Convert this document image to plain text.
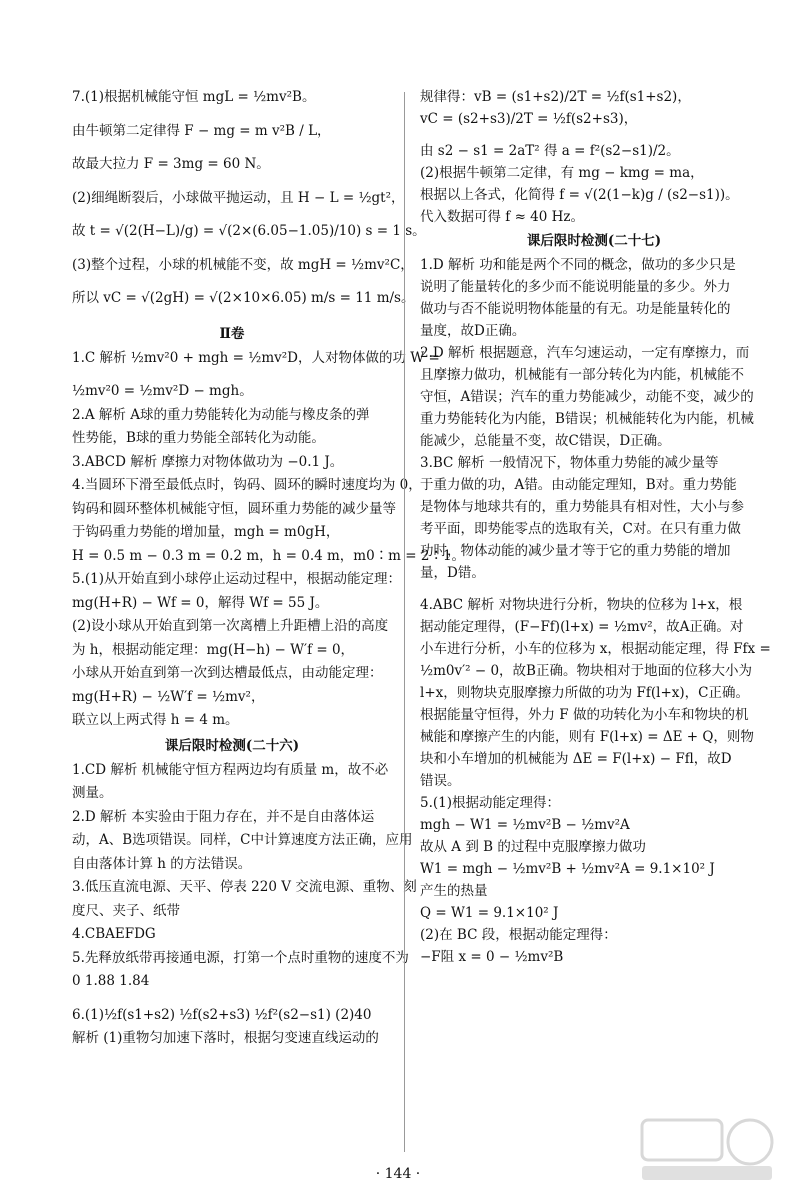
7.(1)根据机械能守恒 mgL = ½mv²B。
由牛顿第二定律得 F − mg = m v²B / L，
故最大拉力 F = 3mg = 60 N。
(2)细绳断裂后，小球做平抛运动，且 H − L = ½gt²，
故 t = √(2(H−L)/g) = √(2×(6.05−1.05)/10) s = 1 s。
(3)整个过程，小球的机械能不变，故 mgH = ½mv²C，
所以 vC = √(2gH) = √(2×10×6.05) m/s = 11 m/s。
Ⅱ卷
1.C 解析 ½mv²0 + mgh = ½mv²D，人对物体做的功 W =
½mv²0 = ½mv²D − mgh。
2.A 解析 A球的重力势能转化为动能与橡皮条的弹
性势能，B球的重力势能全部转化为动能。
3.ABCD 解析 摩擦力对物体做功为 −0.1 J。
4.当圆环下滑至最低点时，钩码、圆环的瞬时速度均为 0，
钩码和圆环整体机械能守恒，圆环重力势能的减少量等
于钩码重力势能的增加量，mgh = m0gH，
H = 0.5 m − 0.3 m = 0.2 m，h = 0.4 m，m0∶m = 2∶1。
5.(1)从开始直到小球停止运动过程中，根据动能定理：
mg(H+R) − Wf = 0，解得 Wf = 55 J。
(2)设小球从开始直到第一次离槽上升距槽上沿的高度
为 h，根据动能定理：mg(H−h) − W′f = 0，
小球从开始直到第一次到达槽最低点，由动能定理：
mg(H+R) − ½W′f = ½mv²，
联立以上两式得 h = 4 m。
课后限时检测(二十六)
1.CD 解析 机械能守恒方程两边均有质量 m，故不必
测量。
2.D 解析 本实验由于阻力存在，并不是自由落体运
动，A、B选项错误。同样，C中计算速度方法正确，应用
自由落体计算 h 的方法错误。
3.低压直流电源、天平、停表 220 V 交流电源、重物、刻
度尺、夹子、纸带
4.CBAEFDG
5.先释放纸带再接通电源，打第一个点时重物的速度不为
0 1.88 1.84
6.(1)½f(s1+s2) ½f(s2+s3) ½f²(s2−s1) (2)40
解析 (1)重物匀加速下落时，根据匀变速直线运动的
规律得：vB = (s1+s2)/2T = ½f(s1+s2)，
vC = (s2+s3)/2T = ½f(s2+s3)，
由 s2 − s1 = 2aT² 得 a = f²(s2−s1)/2。
(2)根据牛顿第二定律，有 mg − kmg = ma，
根据以上各式，化简得 f = √(2(1−k)g / (s2−s1))。
代入数据可得 f ≈ 40 Hz。
课后限时检测(二十七)
1.D 解析 功和能是两个不同的概念，做功的多少只是
说明了能量转化的多少而不能说明能量的多少。外力
做功与否不能说明物体能量的有无。功是能量转化的
量度，故D正确。
2.D 解析 根据题意，汽车匀速运动，一定有摩擦力，而
且摩擦力做功，机械能有一部分转化为内能，机械能不
守恒，A错误；汽车的重力势能减少，动能不变，减少的
重力势能转化为内能，B错误；机械能转化为内能，机械
能减少，总能量不变，故C错误，D正确。
3.BC 解析 一般情况下，物体重力势能的减少量等
于重力做的功，A错。由动能定理知，B对。重力势能
是物体与地球共有的，重力势能具有相对性，大小与参
考平面，即势能零点的选取有关，C对。在只有重力做
功时，物体动能的减少量才等于它的重力势能的增加
量，D错。
4.ABC 解析 对物块进行分析，物块的位移为 l+x，根
据动能定理得，(F−Ff)(l+x) = ½mv²，故A正确。对
小车进行分析，小车的位移为 x，根据动能定理，得 Ffx =
½m0v′² − 0，故B正确。物块相对于地面的位移大小为
l+x，则物块克服摩擦力所做的功为 Ff(l+x)，C正确。
根据能量守恒得，外力 F 做的功转化为小车和物块的机
械能和摩擦产生的内能，则有 F(l+x) = ΔE + Q，则物
块和小车增加的机械能为 ΔE = F(l+x) − Ffl，故D
错误。
5.(1)根据动能定理得：
mgh − W1 = ½mv²B − ½mv²A
故从 A 到 B 的过程中克服摩擦力做功
W1 = mgh − ½mv²B + ½mv²A = 9.1×10² J
产生的热量
Q = W1 = 9.1×10² J
(2)在 BC 段，根据动能定理得：
−F阻 x = 0 − ½mv²B
· 144 ·
